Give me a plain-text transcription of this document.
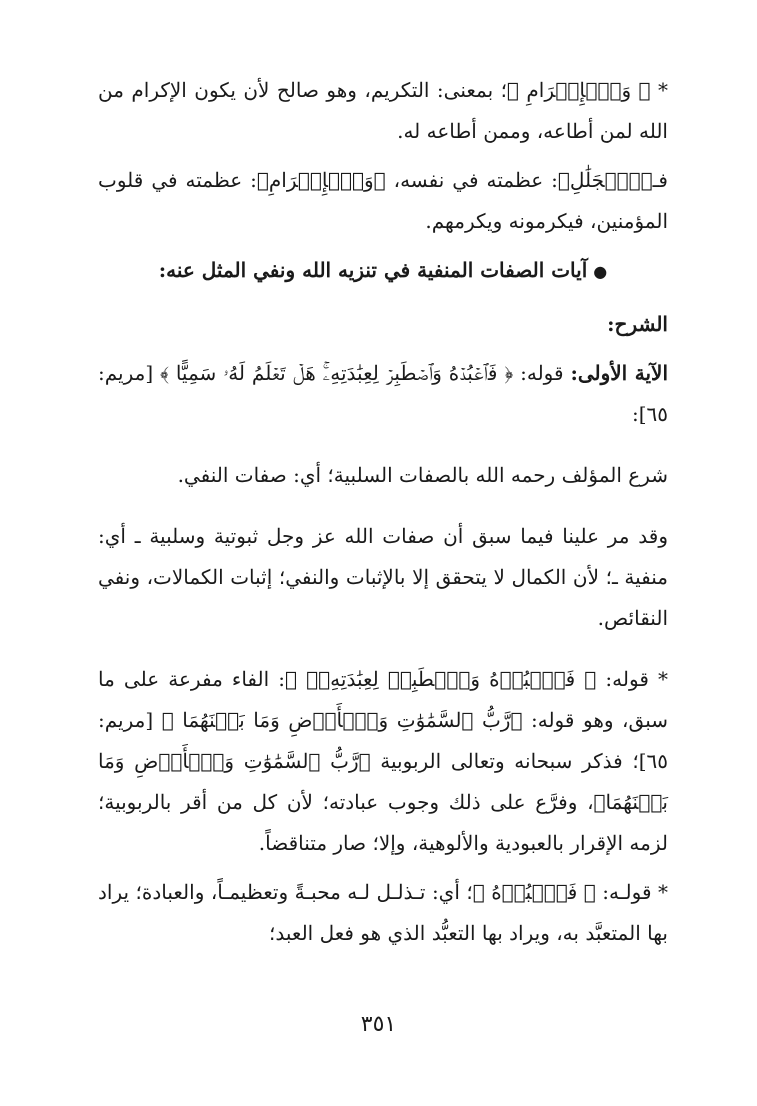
* ﴿ وَٱلۡإِكۡرَامِ ﴾؛ بمعنى: التكريم، وهو صالح لأن يكون الإكرام من الله لمن أطاعه، وممن أطاعه له.

فـ﴿ٱلۡجَلَٰلِ﴾: عظمته في نفسه، ﴿وَٱلۡإِكۡرَامِ﴾: عظمته في قلوب المؤمنين، فيكرمونه ويكرمهم.

●آيات الصفات المنفية في تنزيه الله ونفي المثل عنه:

الشرح:

الآية الأولى: قوله: ﴿ فَٱعۡبُدۡهُ وَٱصۡطَبِرۡ لِعِبَٰدَتِهِۦۚ هَلۡ تَعۡلَمُ لَهُۥ سَمِيًّا ﴾ [مريم: ٦٥]:

شرع المؤلف رحمه الله بالصفات السلبية؛ أي: صفات النفي.

وقد مر علينا فيما سبق أن صفات الله عز وجل ثبوتية وسلبية ـ أي: منفية ـ؛ لأن الكمال لا يتحقق إلا بالإثبات والنفي؛ إثبات الكمالات، ونفي النقائص.

* قوله: ﴿ فَٱعۡبُدۡهُ وَٱصۡطَبِرۡ لِعِبَٰدَتِهِۦۚ ﴾: الفاء مفرعة على ما سبق، وهو قوله: ﴿رَّبُّ ٱلسَّمَٰوَٰتِ وَٱلۡأَرۡضِ وَمَا بَيۡنَهُمَا ﴾ [مريم: ٦٥]؛ فذكر سبحانه وتعالى الربوبية ﴿رَّبُّ ٱلسَّمَٰوَٰتِ وَٱلۡأَرۡضِ وَمَا بَيۡنَهُمَا﴾، وفرَّع على ذلك وجوب عبادته؛ لأن كل من أقر بالربوبية؛ لزمه الإقرار بالعبودية والألوهية، وإلا؛ صار متناقضاً.

* قولـه: ﴿ فَٱعۡبُدۡهُ ﴾؛ أي: تـذلـل لـه محبـةً وتعظيمـاً، والعبادة؛ يراد بها المتعبَّد به، ويراد بها التعبُّد الذي هو فعل العبد؛

٣٥١
